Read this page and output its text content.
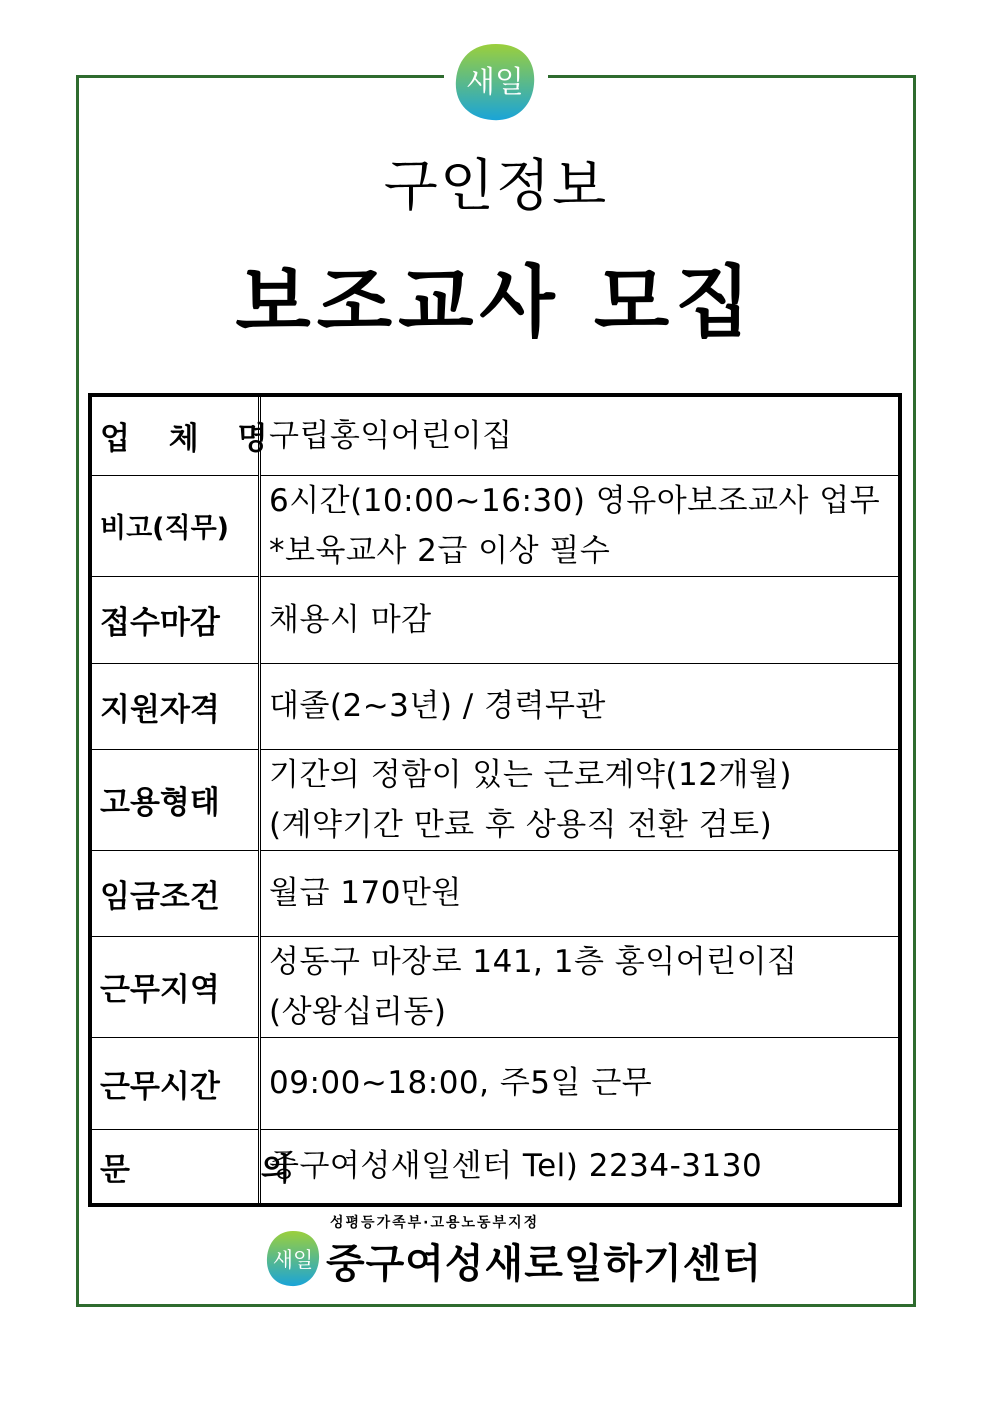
새일
구인정보
보조교사 모집
업 체 명	구립홍익어린이집

비고(직무)	6시간(10:00~16:30) 영유아보조교사 업무
*보육교사 2급 이상 필수

접수마감	채용시 마감

지원자격	대졸(2~3년) / 경력무관

고용형태	기간의 정함이 있는 근로계약(12개월)
(계약기간 만료 후 상용직 전환 검토)

임금조건	월급 170만원

근무지역	성동구 마장로 141, 1층 홍익어린이집
(상왕십리동)

근무시간	09:00~18:00, 주5일 근무

문 의	중구여성새일센터 Tel) 2234-3130
성평등가족부·고용노동부지정
새일 중구여성새로일하기센터
